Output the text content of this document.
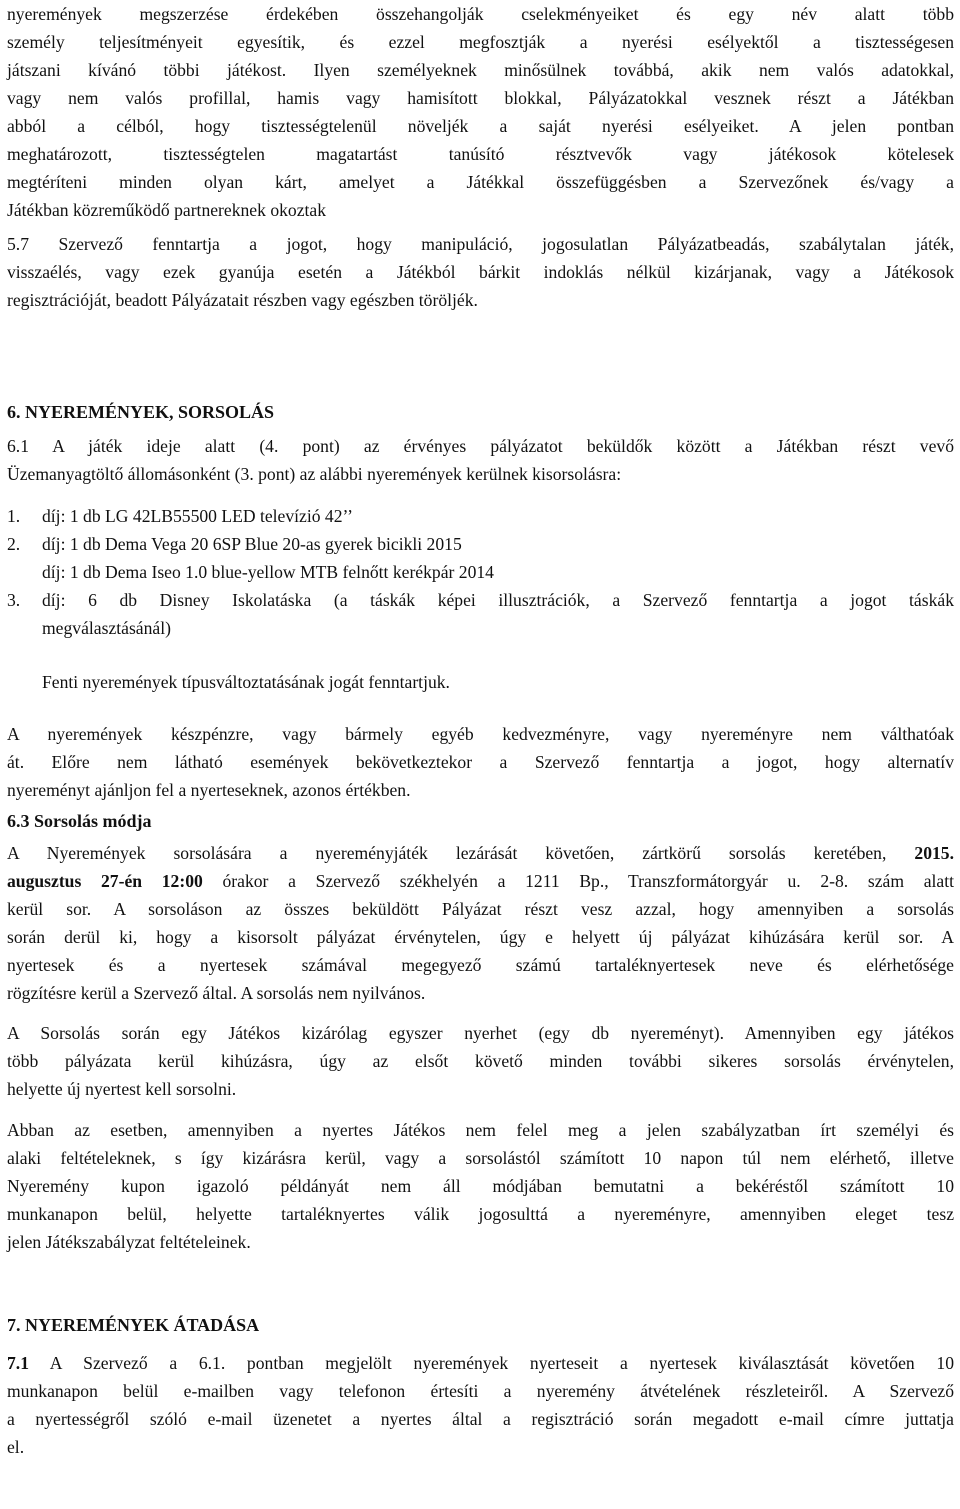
nyeremények megszerzése érdekében összehangolják cselekményeiket és egy név alatt több
személy teljesítményeit egyesítik, és ezzel megfosztják a nyerési esélyektől a tisztességesen
játszani kívánó többi játékost. Ilyen személyeknek minősülnek továbbá, akik nem valós adatokkal,
vagy nem valós profillal, hamis vagy hamisított blokkal, Pályázatokkal vesznek részt a Játékban
abból a célból, hogy tisztességtelenül növeljék a saját nyerési esélyeiket. A jelen pontban
meghatározott, tisztességtelen magatartást tanúsító résztvevők vagy játékosok kötelesek
megtéríteni minden olyan kárt, amelyet a Játékkal összefüggésben a Szervezőnek és/vagy a
Játékban közreműködő partnereknek okoztak
5.7 Szervező fenntartja a jogot, hogy manipuláció, jogosulatlan Pályázatbeadás, szabálytalan játék,
visszaélés, vagy ezek gyanúja esetén a Játékból bárkit indoklás nélkül kizárjanak, vagy a Játékosok
regisztrációját, beadott Pályázatait részben vagy egészben töröljék.
6. NYEREMÉNYEK, SORSOLÁS
6.1 A játék ideje alatt (4. pont) az érvényes pályázatot beküldők között a Játékban részt vevő
Üzemanyagtöltő állomásonként (3. pont) az alábbi nyeremények kerülnek kisorsolásra:
1.	díj: 1 db LG 42LB55500 LED televízió 42’’
2.	díj: 1 db Dema Vega 20 6SP Blue 20-as gyerek bicikli 2015
díj: 1 db Dema Iseo 1.0 blue-yellow MTB felnőtt kerékpár 2014
3.	díj: 6 db Disney Iskolatáska (a táskák képei illusztrációk, a Szervező fenntartja a jogot táskák
megválasztásánál)
Fenti nyeremények típusváltoztatásának jogát fenntartjuk.
A nyeremények készpénzre, vagy bármely egyéb kedvezményre, vagy nyereményre nem válthatóak
át. Előre nem látható események bekövetkeztekor a Szervező fenntartja a jogot, hogy alternatív
nyereményt ajánljon fel a nyerteseknek, azonos értékben.
6.3 Sorsolás módja
A Nyeremények sorsolására a nyereményjáték lezárását követően, zártkörű sorsolás keretében, 2015.
augusztus 27-én 12:00 órakor a Szervező székhelyén a 1211 Bp., Transzformátorgyár u. 2-8. szám alatt
kerül sor. A sorsoláson az összes beküldött Pályázat részt vesz azzal, hogy amennyiben a sorsolás
során derül ki, hogy a kisorsolt pályázat érvénytelen, úgy e helyett új pályázat kihúzására kerül sor. A
nyertesek és a nyertesek számával megegyező számú tartaléknyertesek neve és elérhetősége
rögzítésre kerül a Szervező által. A sorsolás nem nyilvános.
A Sorsolás során egy Játékos kizárólag egyszer nyerhet (egy db nyereményt). Amennyiben egy játékos
több pályázata kerül kihúzásra, úgy az elsőt követő minden további sikeres sorsolás érvénytelen,
helyette új nyertest kell sorsolni.
Abban az esetben, amennyiben a nyertes Játékos nem felel meg a jelen szabályzatban írt személyi és
alaki feltételeknek, s így kizárásra kerül, vagy a sorsolástól számított 10 napon túl nem elérhető, illetve
Nyeremény kupon igazoló példányát nem áll módjában bemutatni a bekéréstől számított 10
munkanapon belül, helyette tartaléknyertes válik jogosulttá a nyereményre, amennyiben eleget tesz
jelen Játékszabályzat feltételeinek.
7. NYEREMÉNYEK ÁTADÁSA
7.1 A Szervező a 6.1. pontban megjelölt nyeremények nyerteseit a nyertesek kiválasztását követően 10
munkanapon belül e-mailben vagy telefonon értesíti a nyeremény átvételének részleteiről. A Szervező
a nyertességről szóló e-mail üzenetet a nyertes által a regisztráció során megadott e-mail címre juttatja
el.
